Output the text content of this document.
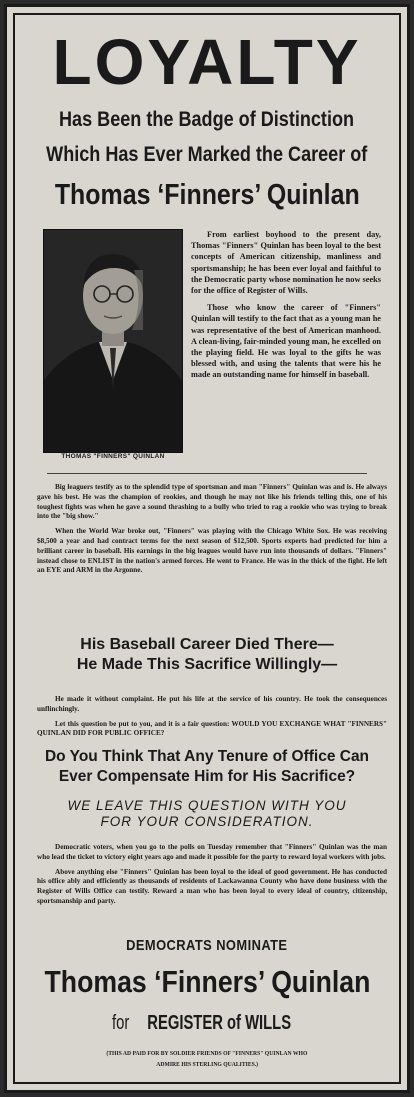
LOYALTY
Has Been the Badge of Distinction
Which Has Ever Marked the Career of
Thomas ‘Finners’ Quinlan
THOMAS "FINNERS" QUINLAN

From earliest boyhood to the present day, Thomas "Finners" Quinlan has been loyal to the best concepts of American citizenship, manliness and sportsmanship; he has been ever loyal and faithful to the Democratic party whose nomination he now seeks for the office of Register of Wills.

Those who know the career of "Finners" Quinlan will testify to the fact that as a young man he was representative of the best of American manhood. A clean-living, fair-minded young man, he excelled on the playing field. He was loyal to the gifts he was blessed with, and using the talents that were his he made an outstanding name for himself in baseball.

Big leaguers testify as to the splendid type of sportsman and man "Finners" Quinlan was and is. He always gave his best. He was the champion of rookies, and though he may not like his friends telling this, one of his toughest fights was when he gave a sound thrashing to a bully who tried to rag a rookie who was trying to break into the "big show."

When the World War broke out, "Finners" was playing with the Chicago White Sox. He was receiving $8,500 a year and had contract terms for the next season of $12,500. Sports experts had predicted for him a brilliant career in baseball. His earnings in the big leagues would have run into thousands of dollars. "Finners" instead chose to ENLIST in the nation's armed forces. He went to France. He was in the thick of the fight. He left an EYE and ARM in the Argonne.

His Baseball Career Died There—
He Made This Sacrifice Willingly—

He made it without complaint. He put his life at the service of his country. He took the consequences unflinchingly.

Let this question be put to you, and it is a fair question: WOULD YOU EXCHANGE WHAT "FINNERS" QUINLAN DID FOR PUBLIC OFFICE?

Do You Think That Any Tenure of Office Can
Ever Compensate Him for His Sacrifice?
WE LEAVE THIS QUESTION WITH YOU
FOR YOUR CONSIDERATION.

Democratic voters, when you go to the polls on Tuesday remember that "Finners" Quinlan was the man who lead the ticket to victory eight years ago and made it possible for the party to reward loyal workers with jobs.

Above anything else "Finners" Quinlan has been loyal to the ideal of good government. He has conducted his office ably and efficiently as thousands of residents of Lackawanna County who have done business with the Register of Wills Office can testify. Reward a man who has been loyal to every ideal of country, citizenship, sportsmanship and party.

DEMOCRATS NOMINATE
Thomas ‘Finners’ Quinlan
for REGISTER of WILLS
(THIS AD PAID FOR BY SOLDIER FRIENDS OF "FINNERS" QUINLAN WHO
ADMIRE HIS STERLING QUALITIES.)
